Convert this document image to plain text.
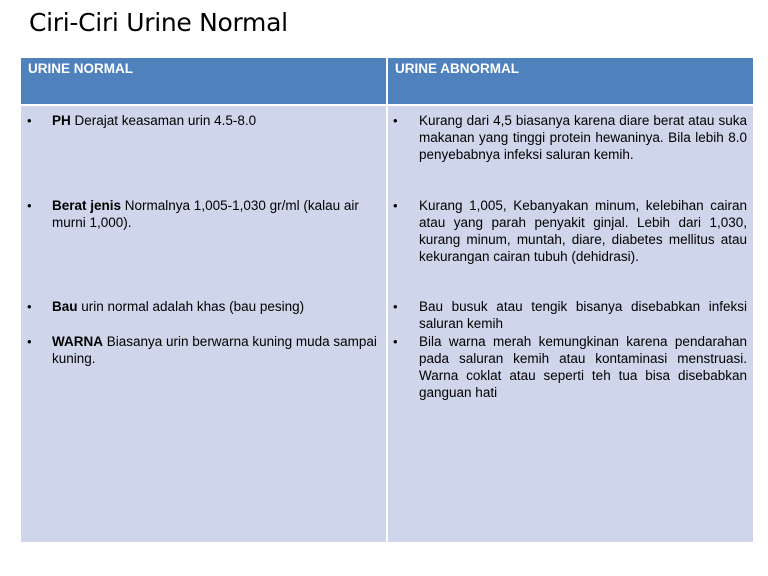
Ciri-Ciri Urine Normal
URINE NORMAL	URINE ABNORMAL
• PH Derajat keasaman urin 4.5-8.0
• Berat jenis Normalnya 1,005-1,030 gr/ml (kalau air murni 1,000).
• Bau urin normal adalah khas (bau pesing)
• WARNA Biasanya urin berwarna kuning muda sampai kuning.
• Kurang dari 4,5 biasanya karena diare berat atau suka makanan yang tinggi protein hewaninya. Bila lebih 8.0 penyebabnya infeksi saluran kemih.
• Kurang 1,005, Kebanyakan minum, kelebihan cairan atau yang parah penyakit ginjal. Lebih dari 1,030, kurang minum, muntah, diare, diabetes mellitus atau kekurangan cairan tubuh (dehidrasi).
• Bau busuk atau tengik bisanya disebabkan infeksi saluran kemih
• Bila warna merah kemungkinan karena pendarahan pada saluran kemih atau kontaminasi menstruasi. Warna coklat atau seperti teh tua bisa disebabkan ganguan hati
